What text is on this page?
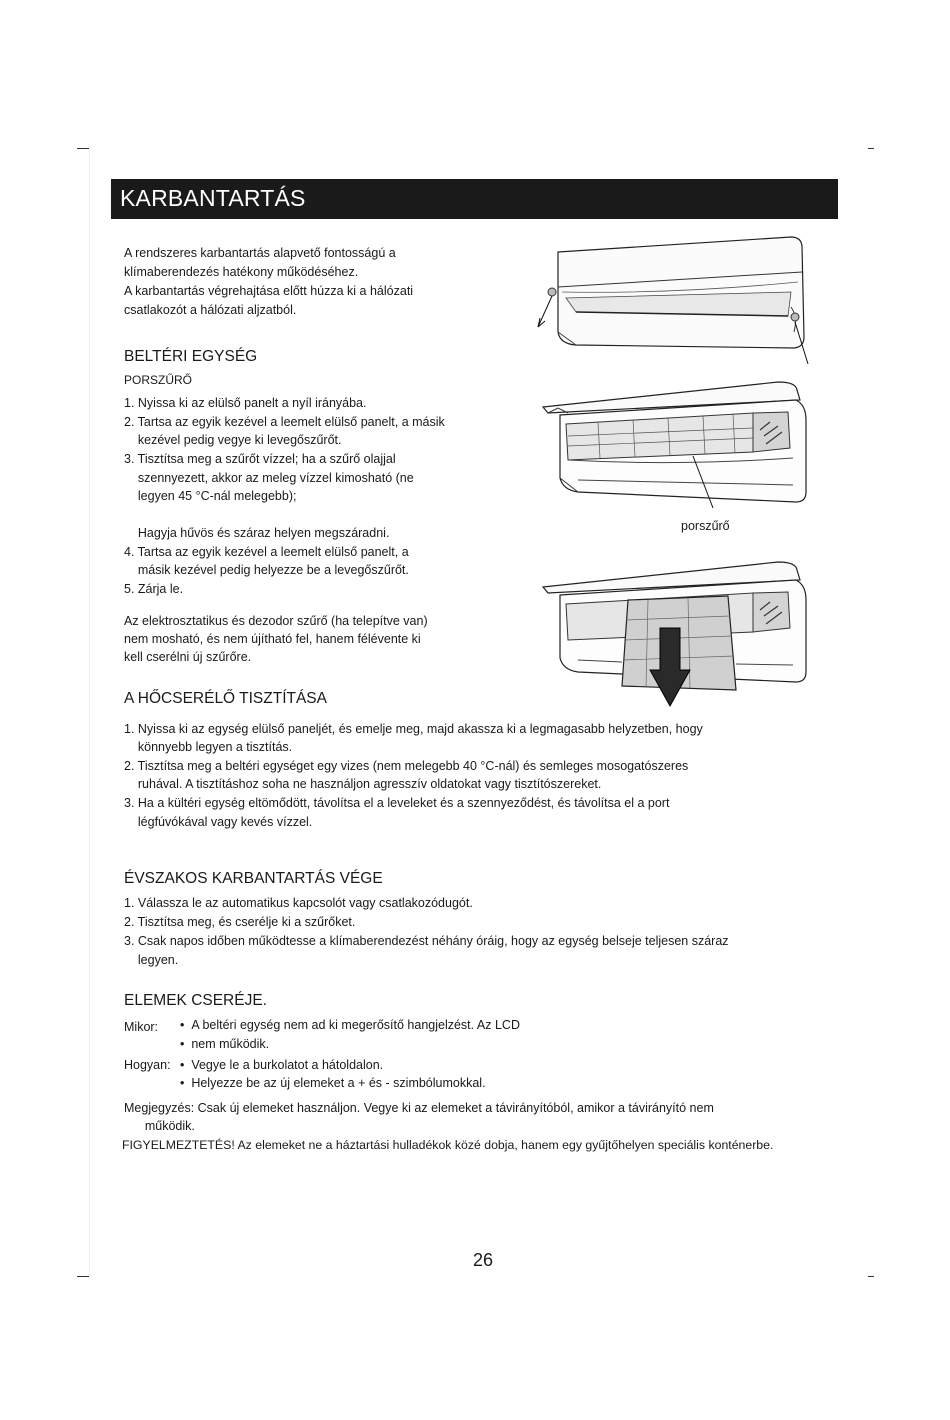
KARBANTARTÁS
A rendszeres karbantartás alapvető fontosságú a
klímaberendezés hatékony működéséhez.
A karbantartás végrehajtása előtt húzza ki a hálózati
csatlakozót a hálózati aljzatból.
BELTÉRI EGYSÉG
PORSZŰRŐ
1. Nyissa ki az elülső panelt a nyíl irányába.
2. Tartsa az egyik kezével a leemelt elülső panelt, a másik
kezével pedig vegye ki levegőszűrőt.
3. Tisztítsa meg a szűrőt vízzel; ha a szűrő olajjal
szennyezett, akkor az meleg vízzel kimosható (ne
legyen 45 °C-nál melegebb);
Hagyja hűvös és száraz helyen megszáradni.
4. Tartsa az egyik kezével a leemelt elülső panelt, a
másik kezével pedig helyezze be a levegőszűrőt.
5. Zárja le.
Az elektrosztatikus és dezodor szűrő (ha telepítve van)
nem mosható, és nem újítható fel, hanem félévente ki
kell cserélni új szűrőre.
porszűrő
A HŐCSERÉLŐ TISZTÍTÁSA
1. Nyissa ki az egység elülső paneljét, és emelje meg, majd akassza ki a legmagasabb helyzetben, hogy
könnyebb legyen a tisztítás.
2. Tisztítsa meg a beltéri egységet egy vizes (nem melegebb 40 °C-nál) és semleges mosogatószeres
ruhával. A tisztításhoz soha ne használjon agresszív oldatokat vagy tisztítószereket.
3. Ha a kültéri egység eltömődött, távolítsa el a leveleket és a szennyeződést, és távolítsa el a port
légfúvókával vagy kevés vízzel.
ÉVSZAKOS KARBANTARTÁS VÉGE
1. Válassza le az automatikus kapcsolót vagy csatlakozódugót.
2. Tisztítsa meg, és cserélje ki a szűrőket.
3. Csak napos időben működtesse a klímaberendezést néhány óráig, hogy az egység belseje teljesen száraz
legyen.
ELEMEK CSERÉJE.
Mikor: •  A beltéri egység nem ad ki megerősítő hangjelzést. Az LCD
•  nem működik.
Hogyan: •  Vegye le a burkolatot a hátoldalon.
•  Helyezze be az új elemeket a + és - szimbólumokkal.
Megjegyzés: Csak új elemeket használjon. Vegye ki az elemeket a távirányítóból, amikor a távirányító nem
működik.
FIGYELMEZTETÉS! Az elemeket ne a háztartási hulladékok közé dobja, hanem egy gyűjtőhelyen speciális konténerbe.
26
